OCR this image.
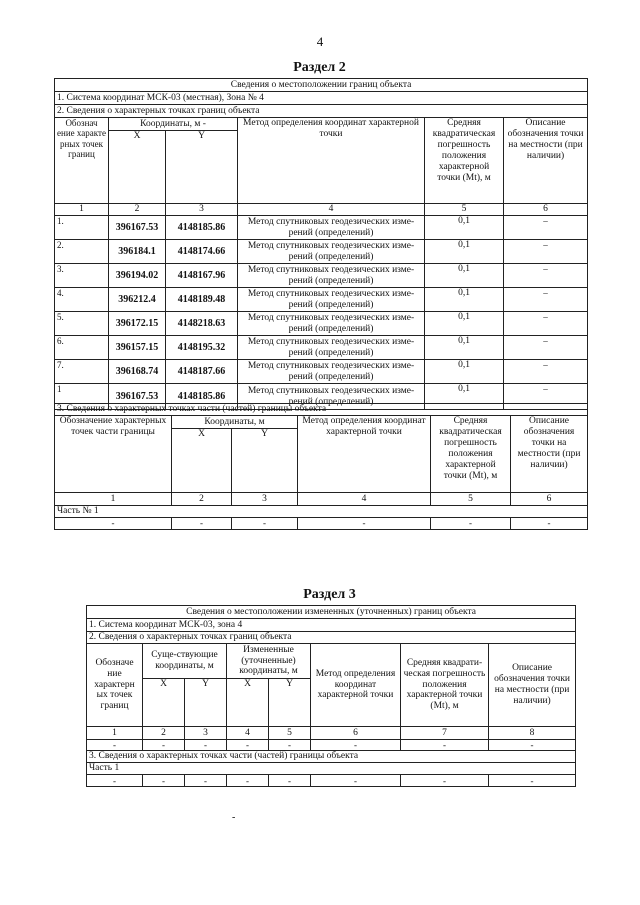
4
Раздел 2
Сведения о местоположении границ объекта					
1. Система координат МСК-03 (местная), Зона № 4					
2. Сведения о характерных точках границ объекта					
Обознач ение характе рных точек границ	Координаты, м -		Метод определения координат характерной точки	Средняя квадратическая погрешность положения характерной точки (Mt), м	Описание обозначения точки на местности (при наличии)
	X	Y			
1	2	3	4	5	6
1.	396167.53	4148185.86	Метод спутниковых геодезических изме-рений (определений)	0,1	–
2.	396184.1	4148174.66	Метод спутниковых геодезических изме-рений (определений)	0,1	–
3.	396194.02	4148167.96	Метод спутниковых геодезических изме-рений (определений)	0,1	–
4.	396212.4	4148189.48	Метод спутниковых геодезических изме-рений (определений)	0,1	–
5.	396172.15	4148218.63	Метод спутниковых геодезических изме-рений (определений)	0,1	–
6.	396157.15	4148195.32	Метод спутниковых геодезических изме-рений (определений)	0,1	–
7.	396168.74	4148187.66	Метод спутниковых геодезических изме-рений (определений)	0,1	–
1	396167.53	4148185.86	Метод спутниковых геодезических изме-рений (определений)	0,1	–
3. Сведения о характерных точках части (частей) границы объекта					
Обозначение характерных точек части границы	Координаты, м		Метод определения координат характерной точки	Средняя квадратическая погрешность положения характерной точки (Mt), м	Описание обозначения точки на местности (при наличии)
	X	Y			
1	2	3	4	5	6
Часть № 1					
-	-	-	-	-	-
Раздел 3
Сведения о местоположении измененных (уточненных) границ объекта							
1. Система координат МСК-03, зона 4							
2. Сведения о характерных точках границ объекта							
Обозначе ние характерн ых точек границ	Суще-ствующие координаты, м		Измененные (уточненные) координаты, м		Метод определения координат характерной точки	Средняя квадрати-ческая погрешность положения характерной точки (Mt), м	Описание обозначения точки на местности (при наличии)
	X	Y	X	Y			
1	2	3	4	5	6	7	8
-	-	-	-	-	-	-	-
3. Сведения о характерных точках части (частей) границы объекта							
Часть 1							
-	-	-	-	-	-	-	-
-
